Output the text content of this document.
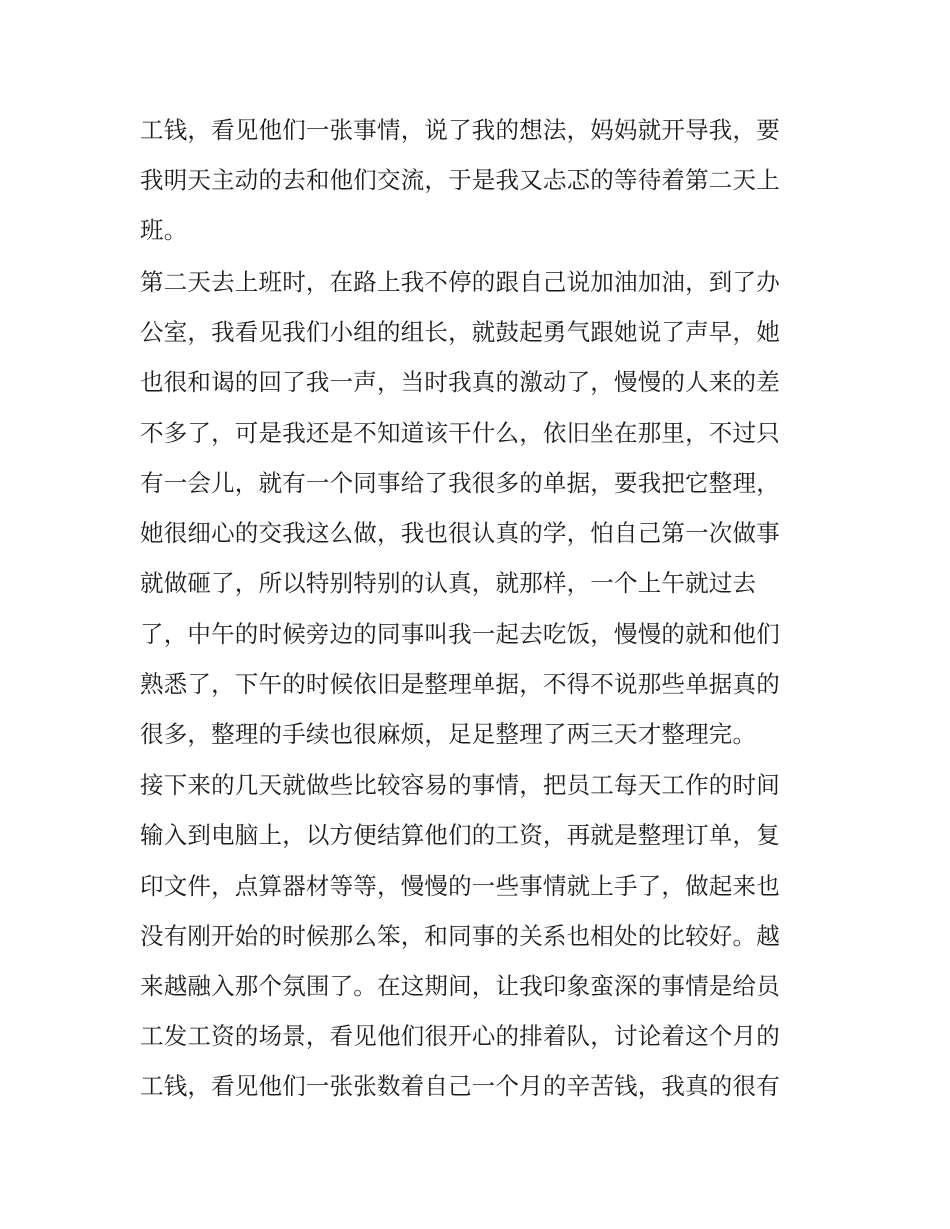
工钱，看见他们一张事情，说了我的想法，妈妈就开导我，要
我明天主动的去和他们交流，于是我又忐忑的等待着第二天上
班。
第二天去上班时，在路上我不停的跟自己说加油加油，到了办
公室，我看见我们小组的组长，就鼓起勇气跟她说了声早，她
也很和谒的回了我一声，当时我真的激动了，慢慢的人来的差
不多了，可是我还是不知道该干什么，依旧坐在那里，不过只
有一会儿，就有一个同事给了我很多的单据，要我把它整理，
她很细心的交我这么做，我也很认真的学，怕自己第一次做事
就做砸了，所以特别特别的认真，就那样，一个上午就过去
了，中午的时候旁边的同事叫我一起去吃饭，慢慢的就和他们
熟悉了，下午的时候依旧是整理单据，不得不说那些单据真的
很多，整理的手续也很麻烦，足足整理了两三天才整理完。
接下来的几天就做些比较容易的事情，把员工每天工作的时间
输入到电脑上，以方便结算他们的工资，再就是整理订单，复
印文件，点算器材等等，慢慢的一些事情就上手了，做起来也
没有刚开始的时候那么笨，和同事的关系也相处的比较好。越
来越融入那个氛围了。在这期间，让我印象蛮深的事情是给员
工发工资的场景，看见他们很开心的排着队，讨论着这个月的
工钱，看见他们一张张数着自己一个月的辛苦钱，我真的很有
